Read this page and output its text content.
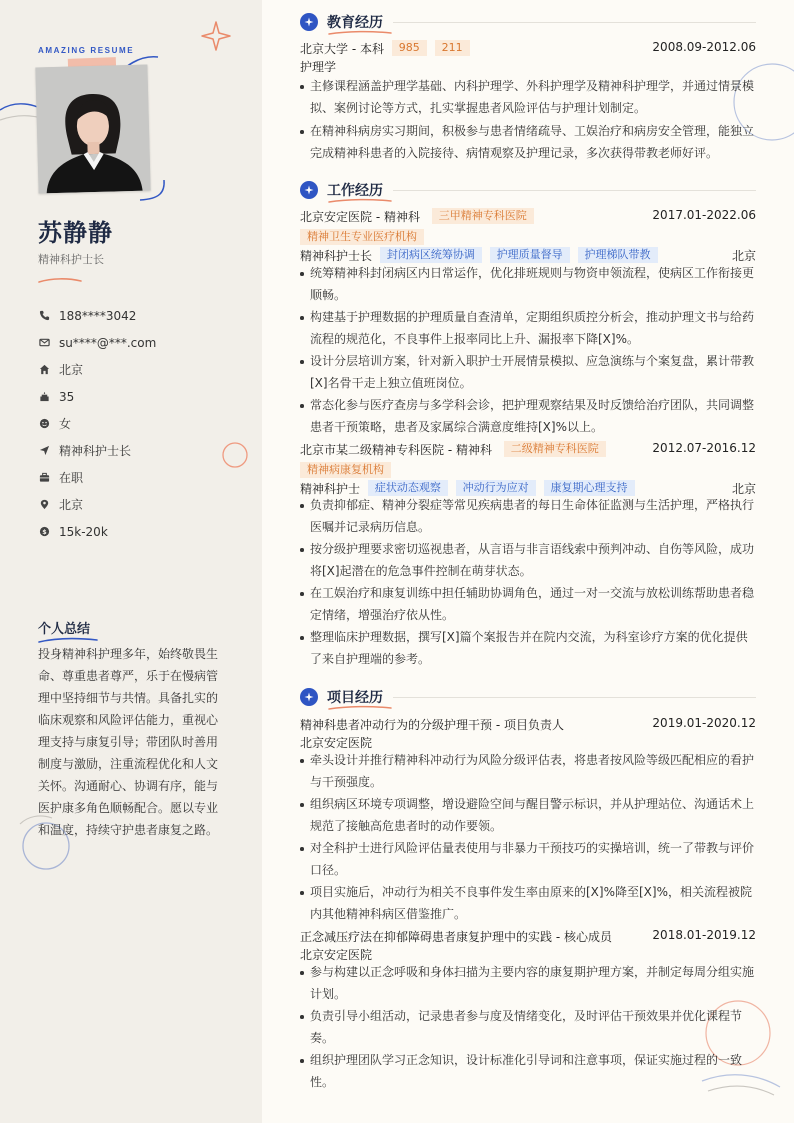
AMAZING RESUME
苏静静
精神科护士长
188****3042
su****@***.com
北京
35
女
精神科护士长
在职
北京
$ 15k-20k
个人总结

投身精神科护理多年，始终敬畏生命、尊重患者尊严，乐于在慢病管理中坚持细节与共情。具备扎实的临床观察和风险评估能力，重视心理支持与康复引导；带团队时善用制度与激励，注重流程优化和人文关怀。沟通耐心、协调有序，能与医护康多角色顺畅配合。愿以专业和温度，持续守护患者康复之路。

教育经历
北京大学 - 本科 985 211	2008.09-2012.06
护理学
主修课程涵盖护理学基础、内科护理学、外科护理学及精神科护理学，并通过情景模拟、案例讨论等方式，扎实掌握患者风险评估与护理计划制定。
在精神科病房实习期间，积极参与患者情绪疏导、工娱治疗和病房安全管理，能独立完成精神科患者的入院接待、病情观察及护理记录，多次获得带教老师好评。
工作经历
北京安定医院 - 精神科 三甲精神专科医院	2017.01-2022.06
精神卫生专业医疗机构
精神科护士长 封闭病区统筹协调 护理质量督导 护理梯队带教	北京
统筹精神科封闭病区内日常运作，优化排班规则与物资申领流程，使病区工作衔接更顺畅。
构建基于护理数据的护理质量自查清单，定期组织质控分析会，推动护理文书与给药流程的规范化，不良事件上报率同比上升、漏报率下降[X]%。
设计分层培训方案，针对新入职护士开展情景模拟、应急演练与个案复盘，累计带教[X]名骨干走上独立值班岗位。
常态化参与医疗查房与多学科会诊，把护理观察结果及时反馈给治疗团队，共同调整患者干预策略，患者及家属综合满意度维持[X]%以上。
北京市某二级精神专科医院 - 精神科 二级精神专科医院	2012.07-2016.12
精神病康复机构
精神科护士 症状动态观察 冲动行为应对 康复期心理支持	北京
负责抑郁症、精神分裂症等常见疾病患者的每日生命体征监测与生活护理，严格执行医嘱并记录病历信息。
按分级护理要求密切巡视患者，从言语与非言语线索中预判冲动、自伤等风险，成功将[X]起潜在的危急事件控制在萌芽状态。
在工娱治疗和康复训练中担任辅助协调角色，通过一对一交流与放松训练帮助患者稳定情绪，增强治疗依从性。
整理临床护理数据，撰写[X]篇个案报告并在院内交流，为科室诊疗方案的优化提供了来自护理端的参考。
项目经历
精神科患者冲动行为的分级护理干预 - 项目负责人	2019.01-2020.12
北京安定医院
牵头设计并推行精神科冲动行为风险分级评估表，将患者按风险等级匹配相应的看护与干预强度。
组织病区环境专项调整，增设避险空间与醒目警示标识，并从护理站位、沟通话术上规范了接触高危患者时的动作要领。
对全科护士进行风险评估量表使用与非暴力干预技巧的实操培训，统一了带教与评价口径。
项目实施后，冲动行为相关不良事件发生率由原来的[X]%降至[X]%，相关流程被院内其他精神科病区借鉴推广。
正念减压疗法在抑郁障碍患者康复护理中的实践 - 核心成员	2018.01-2019.12
北京安定医院
参与构建以正念呼吸和身体扫描为主要内容的康复期护理方案，并制定每周分组实施计划。
负责引导小组活动，记录患者参与度及情绪变化，及时评估干预效果并优化课程节奏。
组织护理团队学习正念知识，设计标准化引导词和注意事项，保证实施过程的一致性。
